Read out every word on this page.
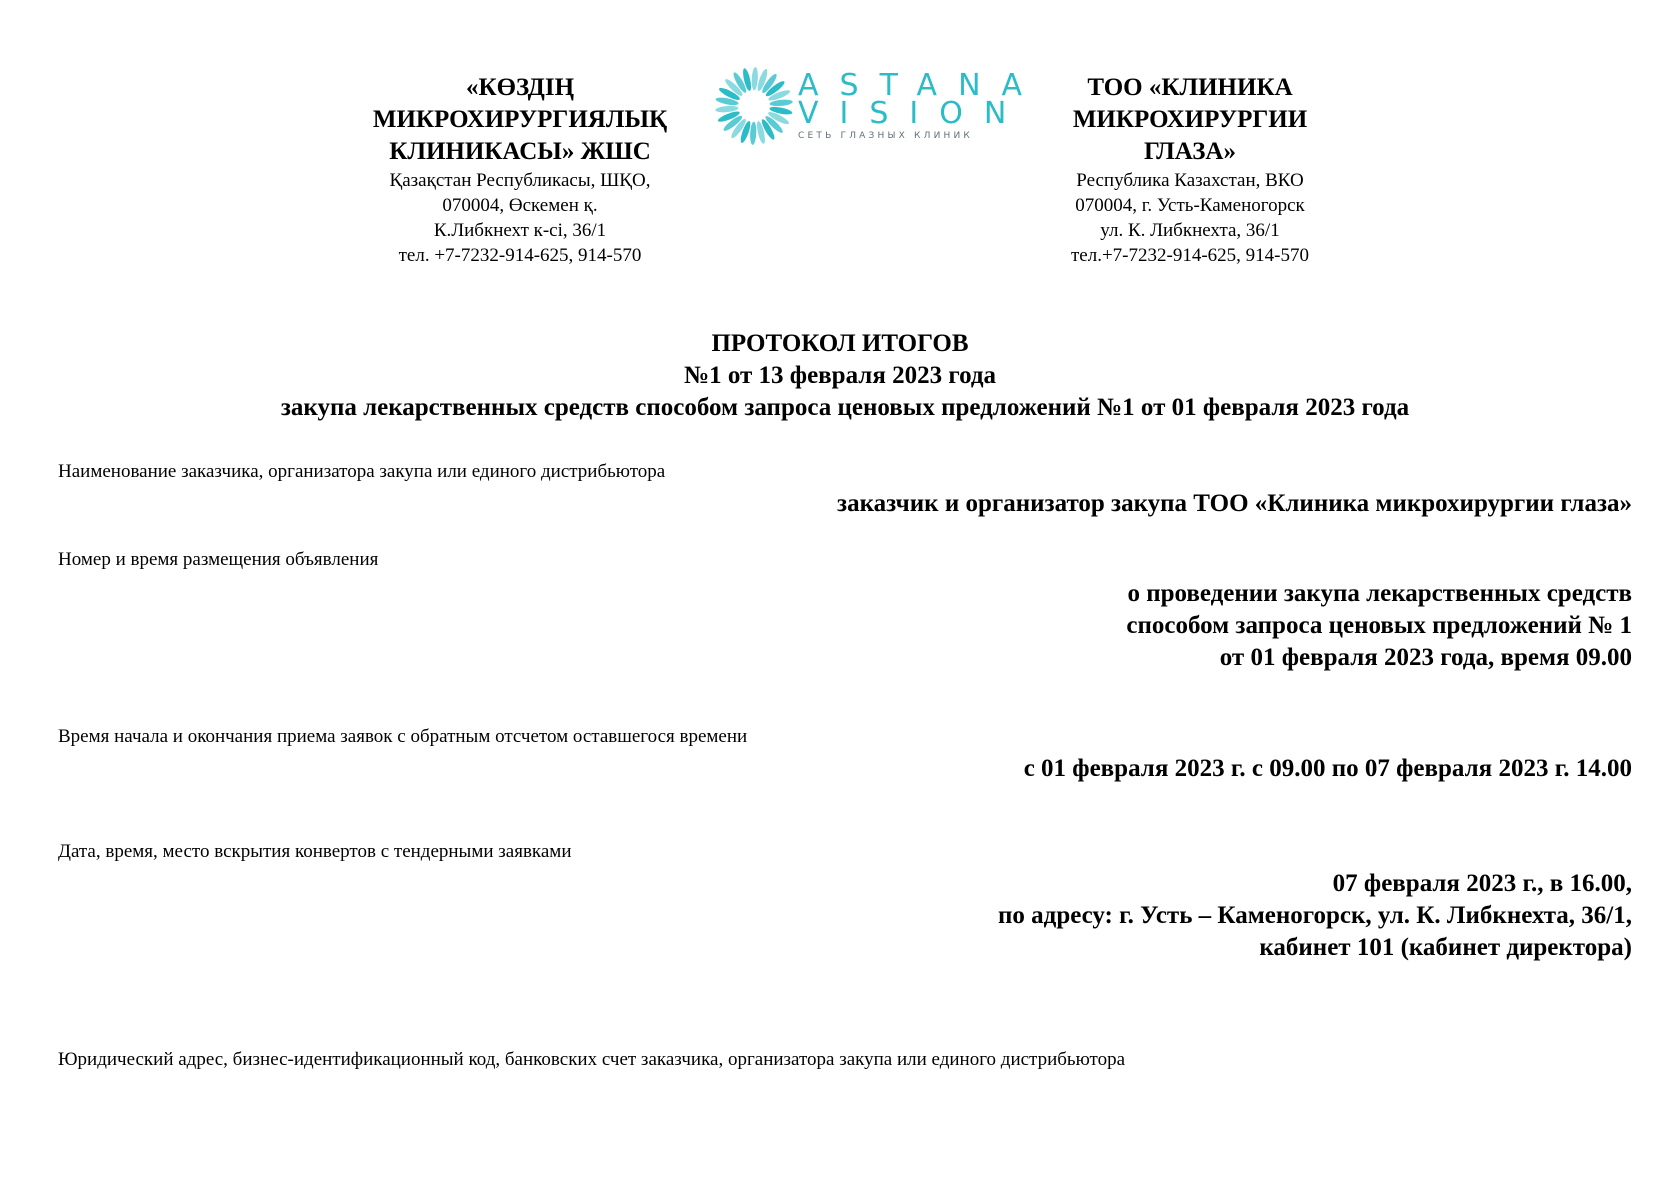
«КӨЗДІҢ
МИКРОХИРУРГИЯЛЫҚ
КЛИНИКАСЫ» ЖШС
Қазақстан Республикасы, ШҚО,
070004, Өскемен қ.
К.Либкнехт к-сі, 36/1
тел. +7-7232-914-625, 914-570
ASTANA
VISION
СЕТЬ ГЛАЗНЫХ КЛИНИК
ТОО «КЛИНИКА
МИКРОХИРУРГИИ
ГЛАЗА»
Республика Казахстан, ВКО
070004, г. Усть-Каменогорск
ул. К. Либкнехта, 36/1
тел.+7-7232-914-625, 914-570
ПРОТОКОЛ ИТОГОВ
№1 от 13 февраля 2023 года
закупа лекарственных средств способом запроса ценовых предложений №1 от 01 февраля 2023 года
Наименование заказчика, организатора закупа или единого дистрибьютора
заказчик и организатор закупа ТОО «Клиника микрохирургии глаза»
Номер и время размещения объявления
о проведении закупа лекарственных средств
способом запроса ценовых предложений № 1
от 01 февраля 2023 года, время 09.00
Время начала и окончания приема заявок с обратным отсчетом оставшегося времени
с 01 февраля 2023 г. с 09.00 по 07 февраля 2023 г. 14.00
Дата, время, место вскрытия конвертов с тендерными заявками
07 февраля 2023 г., в 16.00,
по адресу: г. Усть – Каменогорск, ул. К. Либкнехта, 36/1,
кабинет 101 (кабинет директора)
Юридический адрес, бизнес-идентификационный код, банковских счет заказчика, организатора закупа или единого дистрибьютора
